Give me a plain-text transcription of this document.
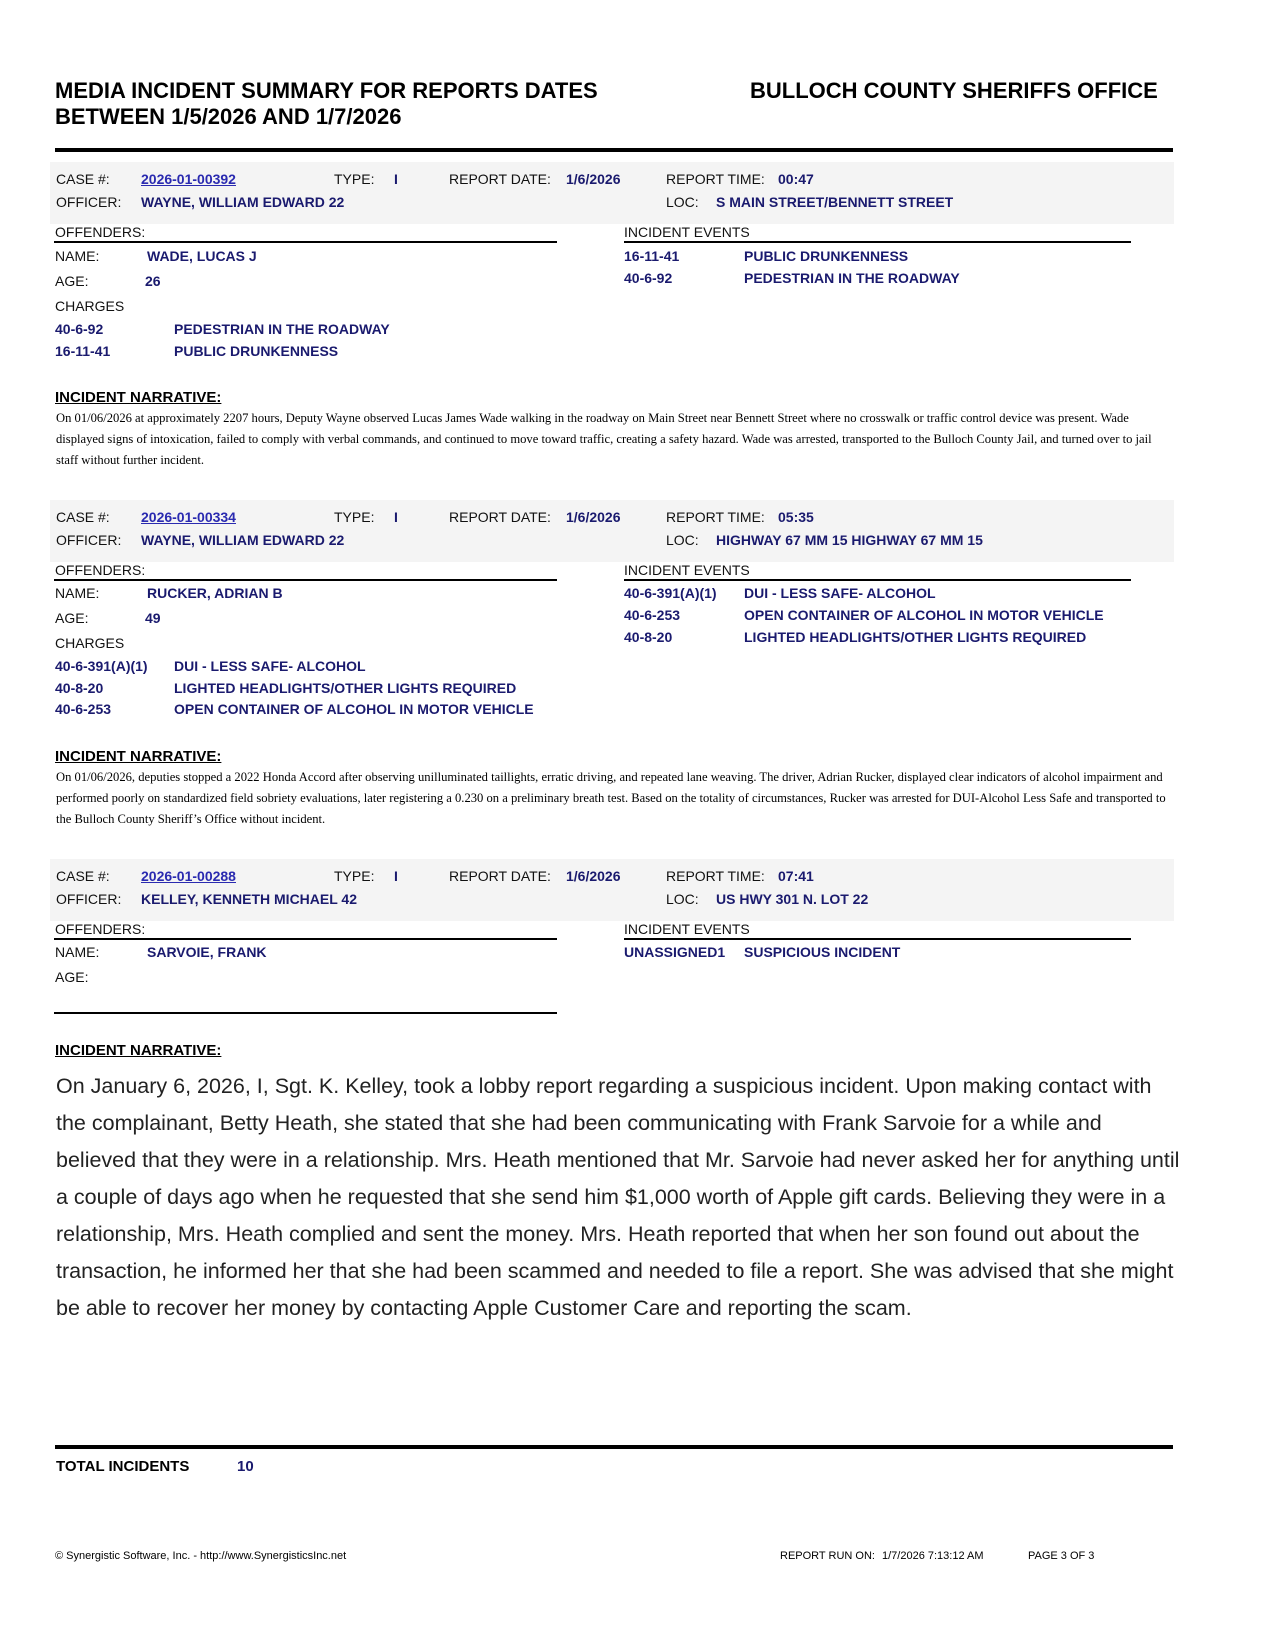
MEDIA INCIDENT SUMMARY FOR REPORTS DATES
BETWEEN 1/5/2026 AND 1/7/2026
BULLOCH COUNTY SHERIFFS OFFICE
CASE #: 2026-01-00392	TYPE: I	REPORT DATE: 1/6/2026	REPORT TIME: 00:47
OFFICER: WAYNE, WILLIAM EDWARD 22	LOC: S MAIN STREET/BENNETT STREET
OFFENDERS:
NAME:	WADE, LUCAS J
AGE:	26
CHARGES
40-6-92	PEDESTRIAN IN THE ROADWAY
16-11-41	PUBLIC DRUNKENNESS
INCIDENT EVENTS
16-11-41	PUBLIC DRUNKENNESS
40-6-92	PEDESTRIAN IN THE ROADWAY
INCIDENT NARRATIVE:
On 01/06/2026 at approximately 2207 hours, Deputy Wayne observed Lucas James Wade walking in the roadway on Main Street near Bennett Street where no crosswalk or traffic control device was present. Wade displayed signs of intoxication, failed to comply with verbal commands, and continued to move toward traffic, creating a safety hazard. Wade was arrested, transported to the Bulloch County Jail, and turned over to jail staff without further incident.
CASE #: 2026-01-00334	TYPE: I	REPORT DATE: 1/6/2026	REPORT TIME: 05:35
OFFICER: WAYNE, WILLIAM EDWARD 22	LOC: HIGHWAY 67 MM 15 HIGHWAY 67 MM 15
OFFENDERS:
NAME:	RUCKER, ADRIAN B
AGE:	49
CHARGES
40-6-391(A)(1) DUI - LESS SAFE- ALCOHOL
40-8-20	LIGHTED HEADLIGHTS/OTHER LIGHTS REQUIRED
40-6-253	OPEN CONTAINER OF ALCOHOL IN MOTOR VEHICLE
INCIDENT EVENTS
40-6-391(A)(1) DUI - LESS SAFE- ALCOHOL
40-6-253	OPEN CONTAINER OF ALCOHOL IN MOTOR VEHICLE
40-8-20	LIGHTED HEADLIGHTS/OTHER LIGHTS REQUIRED
INCIDENT NARRATIVE:
On 01/06/2026, deputies stopped a 2022 Honda Accord after observing unilluminated taillights, erratic driving, and repeated lane weaving. The driver, Adrian Rucker, displayed clear indicators of alcohol impairment and performed poorly on standardized field sobriety evaluations, later registering a 0.230 on a preliminary breath test. Based on the totality of circumstances, Rucker was arrested for DUI-Alcohol Less Safe and transported to the Bulloch County Sheriff’s Office without incident.
CASE #: 2026-01-00288	TYPE: I	REPORT DATE: 1/6/2026	REPORT TIME: 07:41
OFFICER: KELLEY, KENNETH MICHAEL 42	LOC: US HWY 301 N. LOT 22
OFFENDERS:
NAME:	SARVOIE, FRANK
AGE:
INCIDENT EVENTS
UNASSIGNED1 SUSPICIOUS INCIDENT
INCIDENT NARRATIVE:
On January 6, 2026, I, Sgt. K. Kelley, took a lobby report regarding a suspicious incident. Upon making contact with the complainant, Betty Heath, she stated that she had been communicating with Frank Sarvoie for a while and believed that they were in a relationship. Mrs. Heath mentioned that Mr. Sarvoie had never asked her for anything until a couple of days ago when he requested that she send him $1,000 worth of Apple gift cards. Believing they were in a relationship, Mrs. Heath complied and sent the money. Mrs. Heath reported that when her son found out about the transaction, he informed her that she had been scammed and needed to file a report. She was advised that she might be able to recover her money by contacting Apple Customer Care and reporting the scam.
TOTAL INCIDENTS	10
© Synergistic Software, Inc. - http://www.SynergisticsInc.net	REPORT RUN ON: 1/7/2026 7:13:12 AM	PAGE 3 OF 3
